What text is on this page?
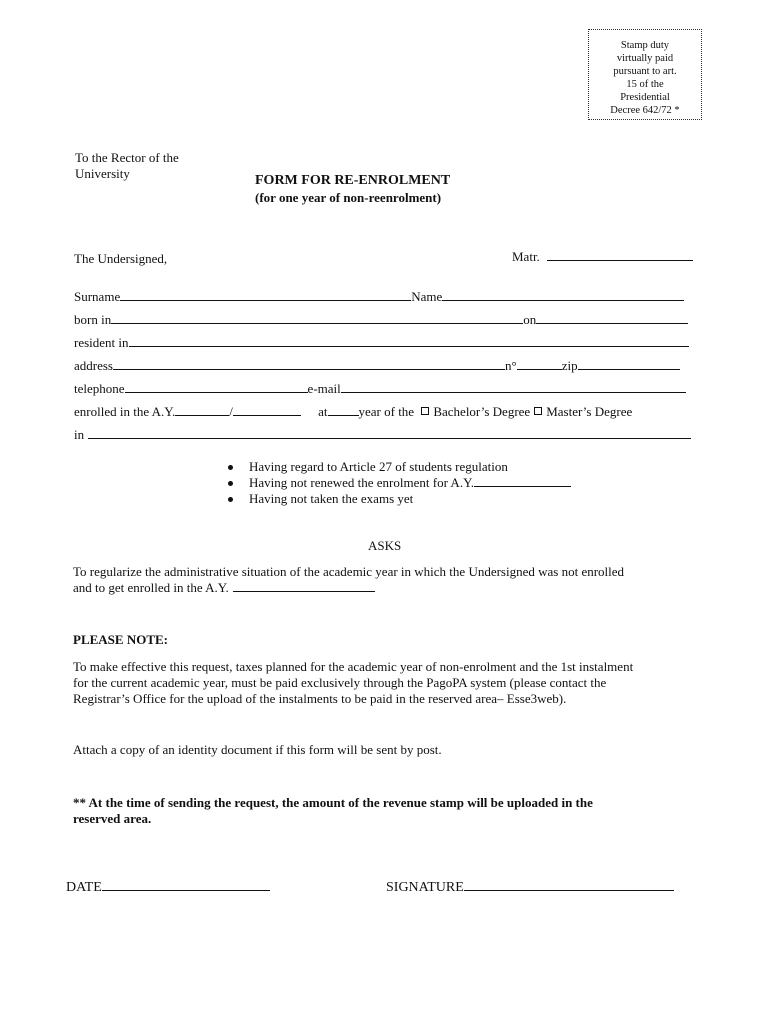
Stamp duty
virtually paid
pursuant to art.
15 of the
Presidential
Decree 642/72 *
To the Rector of the
University	FORM FOR RE-ENROLMENT
(for one year of non-reenrolment)
The Undersigned,	Matr.
Surname	Name
born in	on
resident in
address	n°	zip
telephone	e-mail
enrolled in the A.Y.	/	at year of the Bachelor’s Degree Master’s Degree
in
Having regard to Article 27 of students regulation
Having not renewed the enrolment for A.Y.
Having not taken the exams yet
ASKS
To regularize the administrative situation of the academic year in which the Undersigned was not enrolled
and to get enrolled in the A.Y.
PLEASE NOTE:
To make effective this request, taxes planned for the academic year of non-enrolment and the 1st instalment
for the current academic year, must be paid exclusively through the PagoPA system (please contact the
Registrar’s Office for the upload of the instalments to be paid in the reserved area– Esse3web).
Attach a copy of an identity document if this form will be sent by post.
** At the time of sending the request, the amount of the revenue stamp will be uploaded in the
reserved area.
DATE	SIGNATURE
